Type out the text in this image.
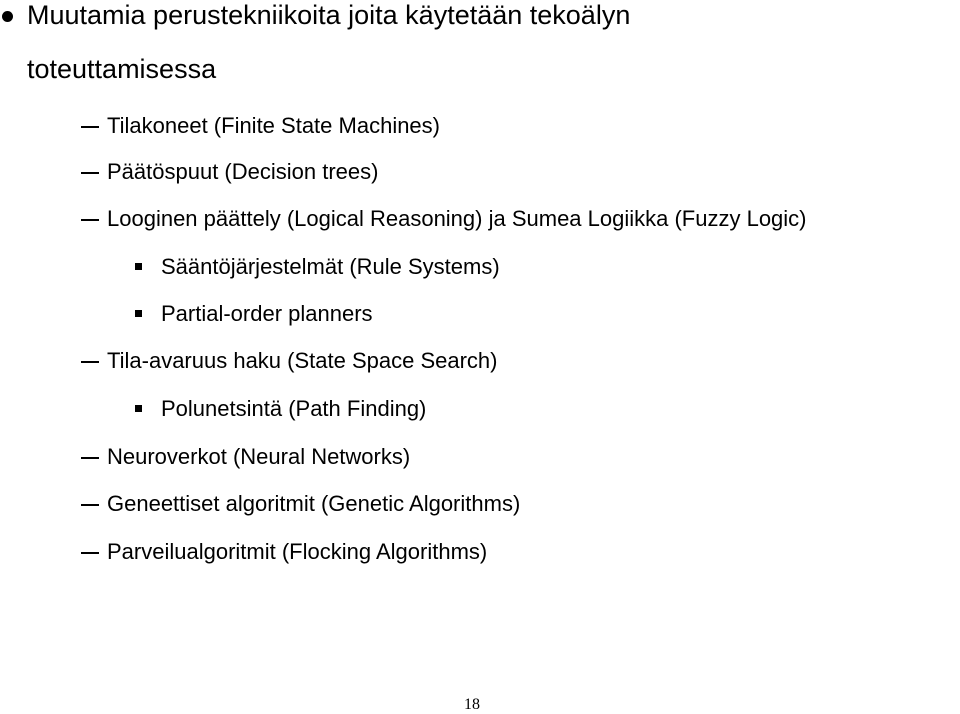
Muutamia perustekniikoita joita käytetään tekoälyn
toteuttamisessa
Tilakoneet (Finite State Machines)
Päätöspuut (Decision trees)
Looginen päättely (Logical Reasoning) ja Sumea Logiikka (Fuzzy Logic)
Sääntöjärjestelmät (Rule Systems)
Partial-order planners
Tila-avaruus haku (State Space Search)
Polunetsintä (Path Finding)
Neuroverkot (Neural Networks)
Geneettiset algoritmit (Genetic Algorithms)
Parveilualgoritmit (Flocking Algorithms)
18
